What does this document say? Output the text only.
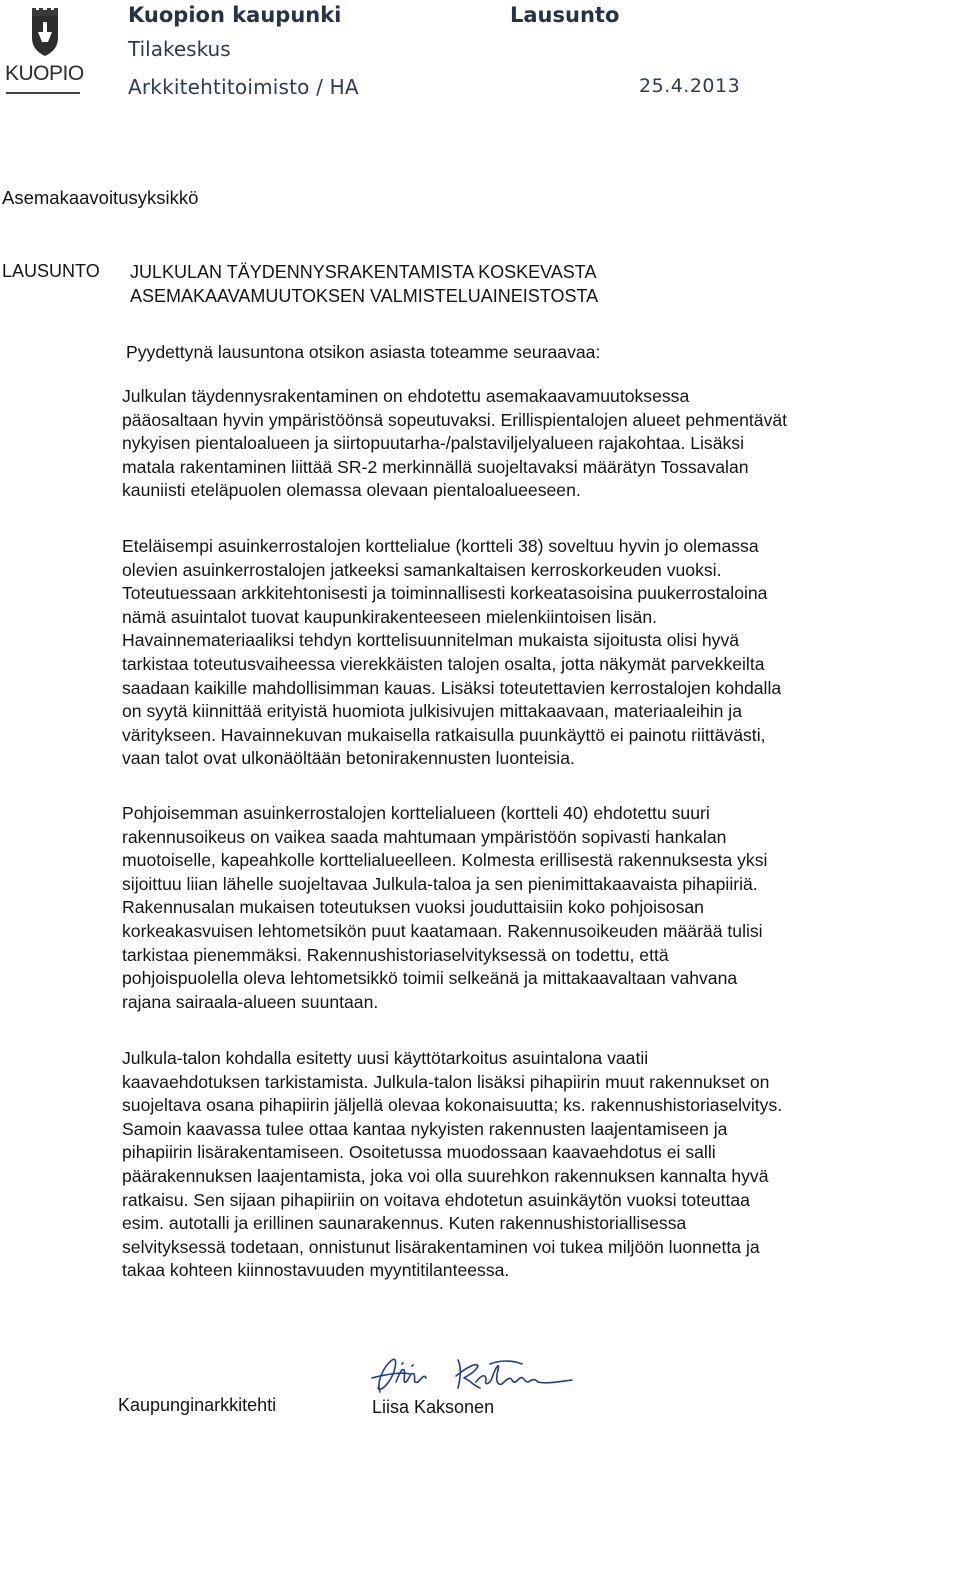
KUOPIO
Kuopion kaupunki
Tilakeskus
Arkkitehtitoimisto / HA
Lausunto
25.4.2013
Asemakaavoitusyksikkö
LAUSUNTO JULKULAN TÄYDENNYSRAKENTAMISTA KOSKEVASTA
ASEMAKAAVAMUUTOKSEN VALMISTELUAINEISTOSTA
Pyydettynä lausuntona otsikon asiasta toteamme seuraavaa:
Julkulan täydennysrakentaminen on ehdotettu asemakaavamuutoksessa
pääosaltaan hyvin ympäristöönsä sopeutuvaksi. Erillispientalojen alueet pehmentävät
nykyisen pientaloalueen ja siirtopuutarha-/palstaviljelyalueen rajakohtaa. Lisäksi
matala rakentaminen liittää SR-2 merkinnällä suojeltavaksi määrätyn Tossavalan
kauniisti eteläpuolen olemassa olevaan pientaloalueeseen.
Eteläisempi asuinkerrostalojen korttelialue (kortteli 38) soveltuu hyvin jo olemassa
olevien asuinkerrostalojen jatkeeksi samankaltaisen kerroskorkeuden vuoksi.
Toteutuessaan arkkitehtonisesti ja toiminnallisesti korkeatasoisina puukerrostaloina
nämä asuintalot tuovat kaupunkirakenteeseen mielenkiintoisen lisän.
Havainnemateriaaliksi tehdyn korttelisuunnitelman mukaista sijoitusta olisi hyvä
tarkistaa toteutusvaiheessa vierekkäisten talojen osalta, jotta näkymät parvekkeilta
saadaan kaikille mahdollisimman kauas. Lisäksi toteutettavien kerrostalojen kohdalla
on syytä kiinnittää erityistä huomiota julkisivujen mittakaavaan, materiaaleihin ja
väritykseen. Havainnekuvan mukaisella ratkaisulla puunkäyttö ei painotu riittävästi,
vaan talot ovat ulkonäöltään betonirakennusten luonteisia.
Pohjoisemman asuinkerrostalojen korttelialueen (kortteli 40) ehdotettu suuri
rakennusoikeus on vaikea saada mahtumaan ympäristöön sopivasti hankalan
muotoiselle, kapeahkolle korttelialueelleen. Kolmesta erillisestä rakennuksesta yksi
sijoittuu liian lähelle suojeltavaa Julkula-taloa ja sen pienimittakaavaista pihapiiriä.
Rakennusalan mukaisen toteutuksen vuoksi jouduttaisiin koko pohjoisosan
korkeakasvuisen lehtometsikön puut kaatamaan. Rakennusoikeuden määrää tulisi
tarkistaa pienemmäksi. Rakennushistoriaselvityksessä on todettu, että
pohjoispuolella oleva lehtometsikkö toimii selkeänä ja mittakaavaltaan vahvana
rajana sairaala-alueen suuntaan.
Julkula-talon kohdalla esitetty uusi käyttötarkoitus asuintalona vaatii
kaavaehdotuksen tarkistamista. Julkula-talon lisäksi pihapiirin muut rakennukset on
suojeltava osana pihapiirin jäljellä olevaa kokonaisuutta; ks. rakennushistoriaselvitys.
Samoin kaavassa tulee ottaa kantaa nykyisten rakennusten laajentamiseen ja
pihapiirin lisärakentamiseen. Osoitetussa muodossaan kaavaehdotus ei salli
päärakennuksen laajentamista, joka voi olla suurehkon rakennuksen kannalta hyvä
ratkaisu. Sen sijaan pihapiiriin on voitava ehdotetun asuinkäytön vuoksi toteuttaa
esim. autotalli ja erillinen saunarakennus. Kuten rakennushistoriallisessa
selvityksessä todetaan, onnistunut lisärakentaminen voi tukea miljöön luonnetta ja
takaa kohteen kiinnostavuuden myyntitilanteessa.
Kaupunginarkkitehti	Liisa Kaksonen
